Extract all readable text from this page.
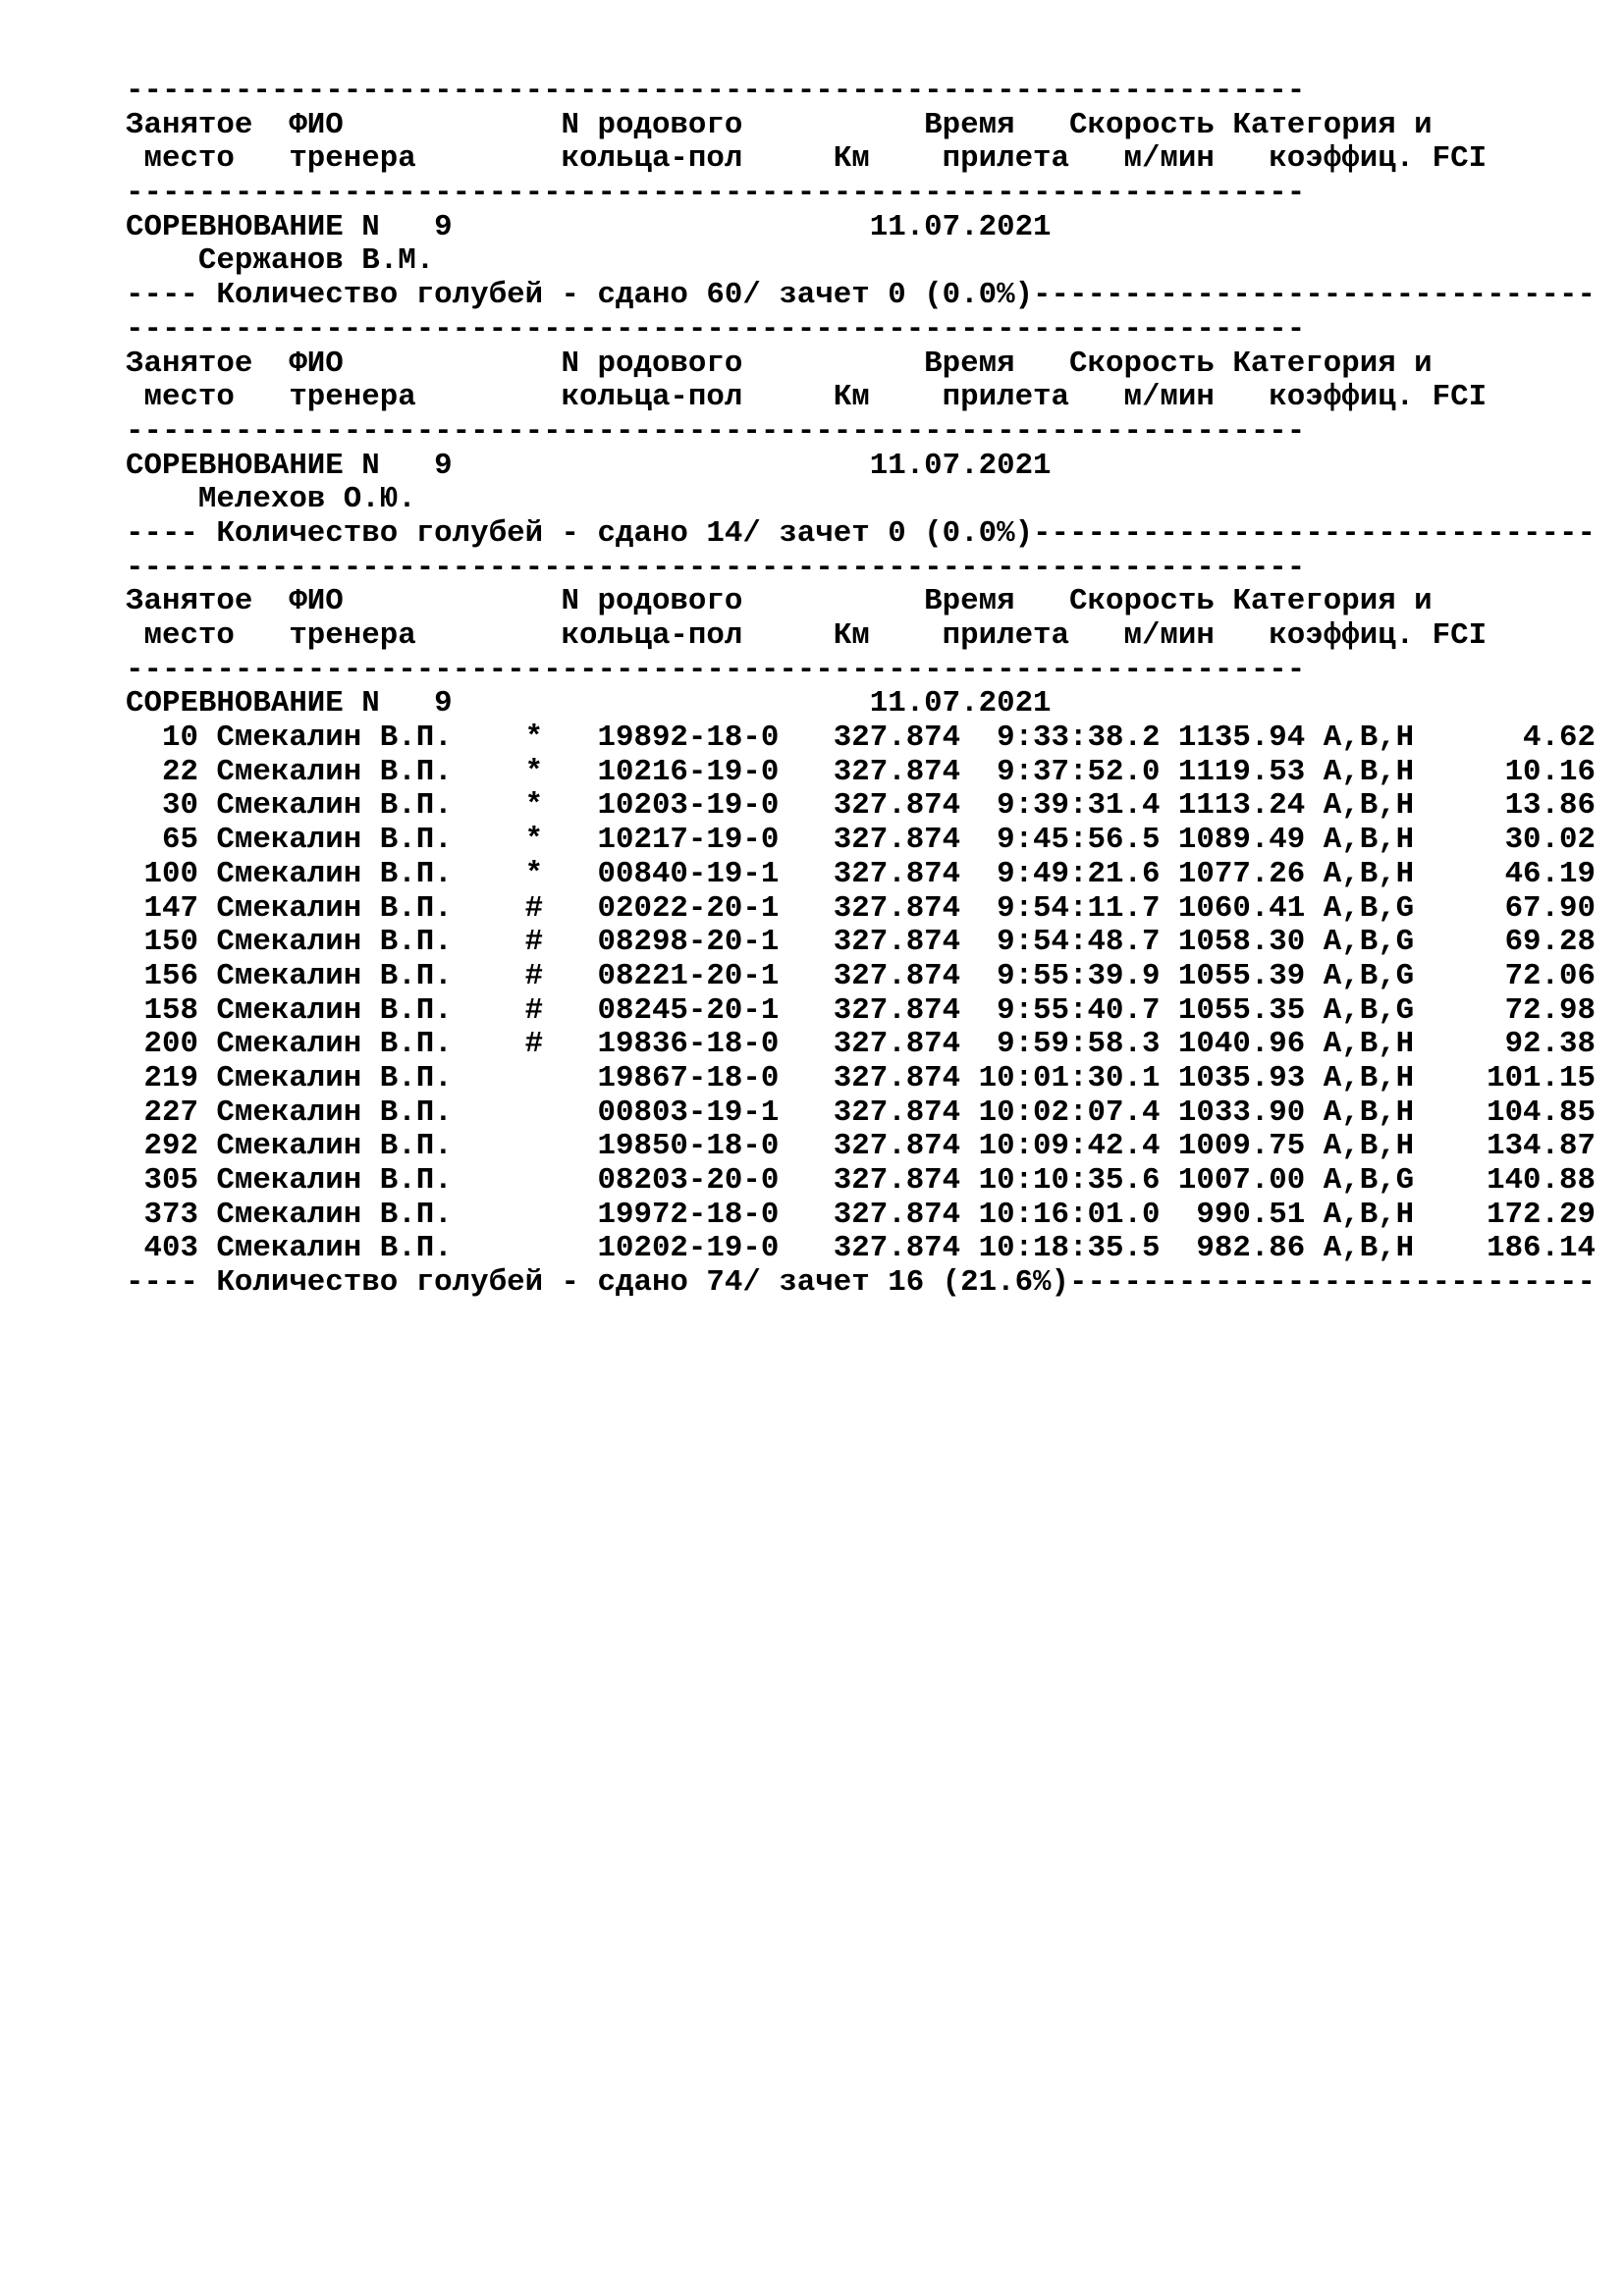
-----------------------------------------------------------------
Занятое  ФИО            N родового          Время   Скорость Категория и
место   тренера        кольца-пол     Км    прилета   м/мин   коэффиц. FCI
-----------------------------------------------------------------
СОРЕВНОВАНИЕ N   9                       11.07.2021
Сержанов В.М.
---- Количество голубей - сдано 60/ зачет 0 (0.0%)-------------------------------
-----------------------------------------------------------------
Занятое  ФИО            N родового          Время   Скорость Категория и
место   тренера        кольца-пол     Км    прилета   м/мин   коэффиц. FCI
-----------------------------------------------------------------
СОРЕВНОВАНИЕ N   9                       11.07.2021
Мелехов О.Ю.
---- Количество голубей - сдано 14/ зачет 0 (0.0%)-------------------------------
-----------------------------------------------------------------
Занятое  ФИО            N родового          Время   Скорость Категория и
место   тренера        кольца-пол     Км    прилета   м/мин   коэффиц. FCI
-----------------------------------------------------------------
СОРЕВНОВАНИЕ N   9                       11.07.2021
10 Смекалин В.П.    *   19892-18-0   327.874  9:33:38.2 1135.94 A,B,H      4.62
22 Смекалин В.П.    *   10216-19-0   327.874  9:37:52.0 1119.53 A,B,H     10.16
30 Смекалин В.П.    *   10203-19-0   327.874  9:39:31.4 1113.24 A,B,H     13.86
65 Смекалин В.П.    *   10217-19-0   327.874  9:45:56.5 1089.49 A,B,H     30.02
100 Смекалин В.П.    *   00840-19-1   327.874  9:49:21.6 1077.26 A,B,H     46.19
147 Смекалин В.П.    #   02022-20-1   327.874  9:54:11.7 1060.41 A,B,G     67.90
150 Смекалин В.П.    #   08298-20-1   327.874  9:54:48.7 1058.30 A,B,G     69.28
156 Смекалин В.П.    #   08221-20-1   327.874  9:55:39.9 1055.39 A,B,G     72.06
158 Смекалин В.П.    #   08245-20-1   327.874  9:55:40.7 1055.35 A,B,G     72.98
200 Смекалин В.П.    #   19836-18-0   327.874  9:59:58.3 1040.96 A,B,H     92.38
219 Смекалин В.П.        19867-18-0   327.874 10:01:30.1 1035.93 A,B,H    101.15
227 Смекалин В.П.        00803-19-1   327.874 10:02:07.4 1033.90 A,B,H    104.85
292 Смекалин В.П.        19850-18-0   327.874 10:09:42.4 1009.75 A,B,H    134.87
305 Смекалин В.П.        08203-20-0   327.874 10:10:35.6 1007.00 A,B,G    140.88
373 Смекалин В.П.        19972-18-0   327.874 10:16:01.0  990.51 A,B,H    172.29
403 Смекалин В.П.        10202-19-0   327.874 10:18:35.5  982.86 A,B,H    186.14
---- Количество голубей - сдано 74/ зачет 16 (21.6%)-----------------------------
